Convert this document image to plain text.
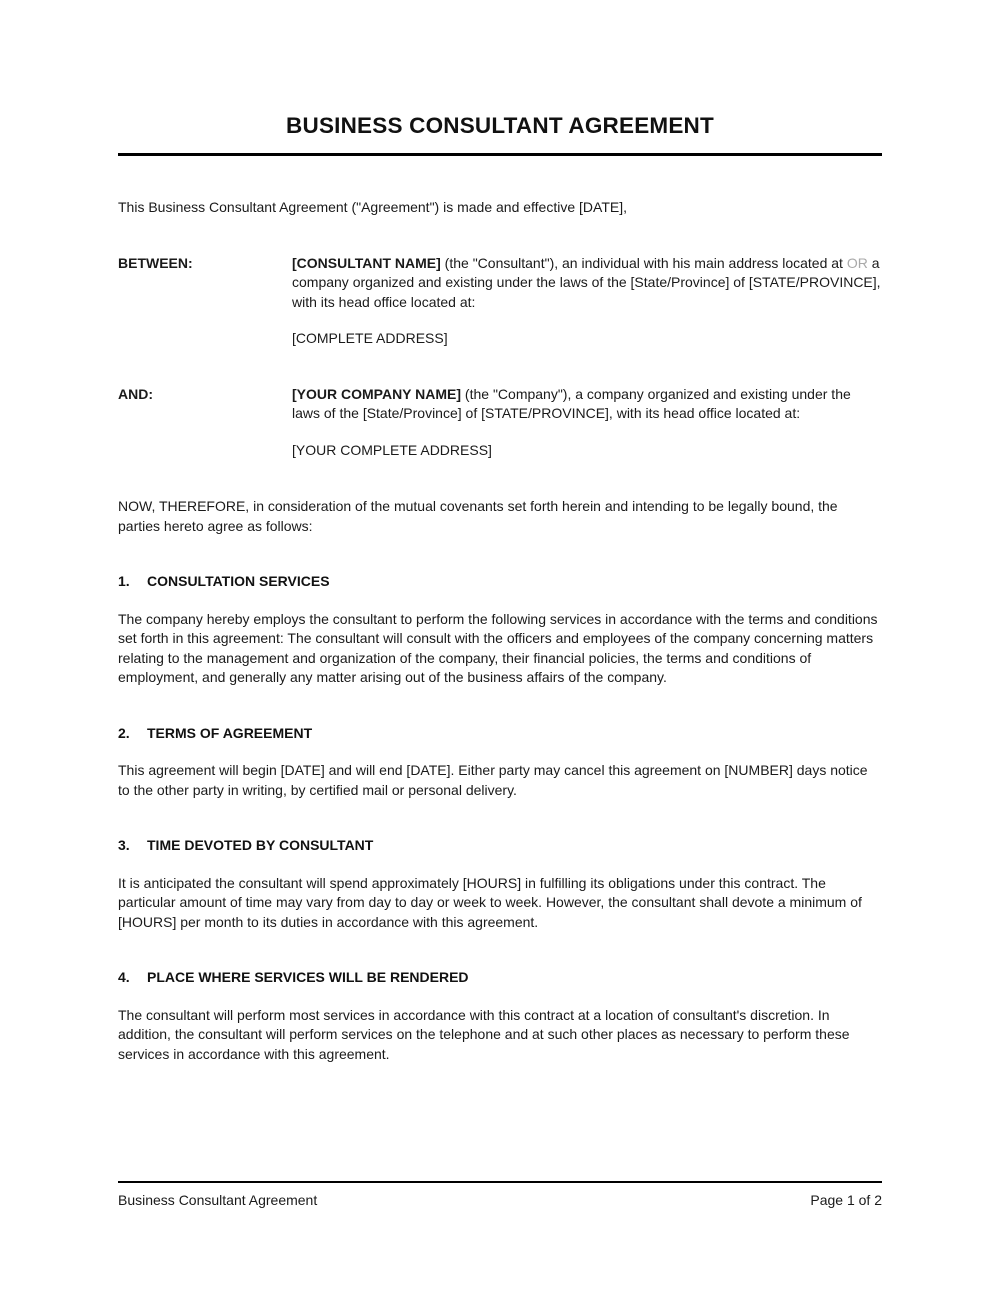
BUSINESS CONSULTANT AGREEMENT

This Business Consultant Agreement ("Agreement") is made and effective [DATE],

BETWEEN:	[CONSULTANT NAME] (the "Consultant"), an individual with his main address located at OR a company organized and existing under the laws of the [State/Province] of [STATE/PROVINCE], with its head office located at:

[COMPLETE ADDRESS]

AND:	[YOUR COMPANY NAME] (the "Company"), a company organized and existing under the laws of the [State/Province] of [STATE/PROVINCE], with its head office located at:

[YOUR COMPLETE ADDRESS]

NOW, THEREFORE, in consideration of the mutual covenants set forth herein and intending to be legally bound, the parties hereto agree as follows:

1.	CONSULTATION SERVICES

The company hereby employs the consultant to perform the following services in accordance with the terms and conditions set forth in this agreement: The consultant will consult with the officers and employees of the company concerning matters relating to the management and organization of the company, their financial policies, the terms and conditions of employment, and generally any matter arising out of the business affairs of the company.

2.	TERMS OF AGREEMENT

This agreement will begin [DATE] and will end [DATE]. Either party may cancel this agreement on [NUMBER] days notice to the other party in writing, by certified mail or personal delivery.

3.	TIME DEVOTED BY CONSULTANT

It is anticipated the consultant will spend approximately [HOURS] in fulfilling its obligations under this contract. The particular amount of time may vary from day to day or week to week. However, the consultant shall devote a minimum of [HOURS] per month to its duties in accordance with this agreement.

4.	PLACE WHERE SERVICES WILL BE RENDERED

The consultant will perform most services in accordance with this contract at a location of consultant's discretion. In addition, the consultant will perform services on the telephone and at such other places as necessary to perform these services in accordance with this agreement.

Business Consultant Agreement	Page 1 of 2
